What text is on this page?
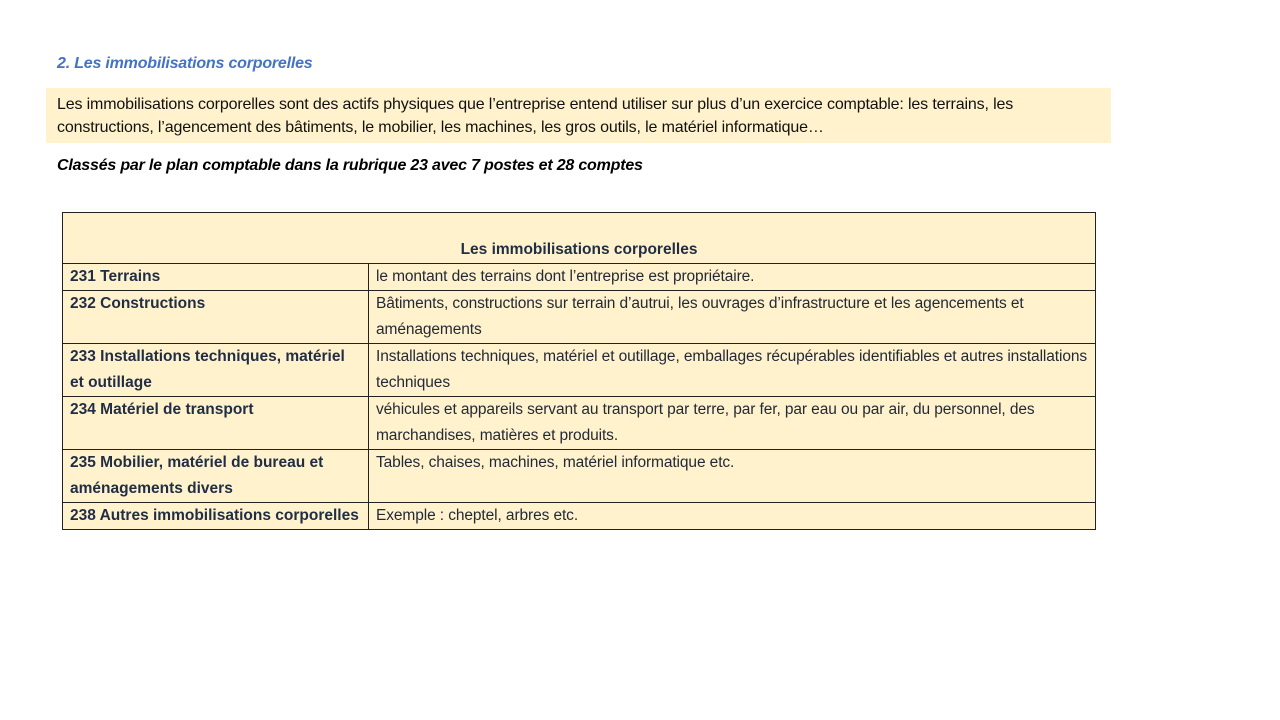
2. Les immobilisations corporelles
Les immobilisations corporelles sont des actifs physiques que l’entreprise entend utiliser sur plus d’un exercice comptable: les terrains, les constructions, l’agencement des bâtiments, le mobilier, les machines, les gros outils, le matériel informatique…
Classés par le plan comptable dans la rubrique 23 avec 7 postes et 28 comptes
Les immobilisations corporelles	
231 Terrains	le montant des terrains dont l’entreprise est propriétaire.
232 Constructions	Bâtiments, constructions sur terrain d’autrui, les ouvrages d’infrastructure et les agencements et aménagements
233 Installations techniques, matériel et outillage	Installations techniques, matériel et outillage, emballages récupérables identifiables et autres installations techniques
234 Matériel de transport	véhicules et appareils servant au transport par terre, par fer, par eau ou par air, du personnel, des marchandises, matières et produits.
235 Mobilier, matériel de bureau et aménagements divers	Tables, chaises, machines, matériel informatique etc.
238 Autres immobilisations corporelles	Exemple : cheptel, arbres etc.
